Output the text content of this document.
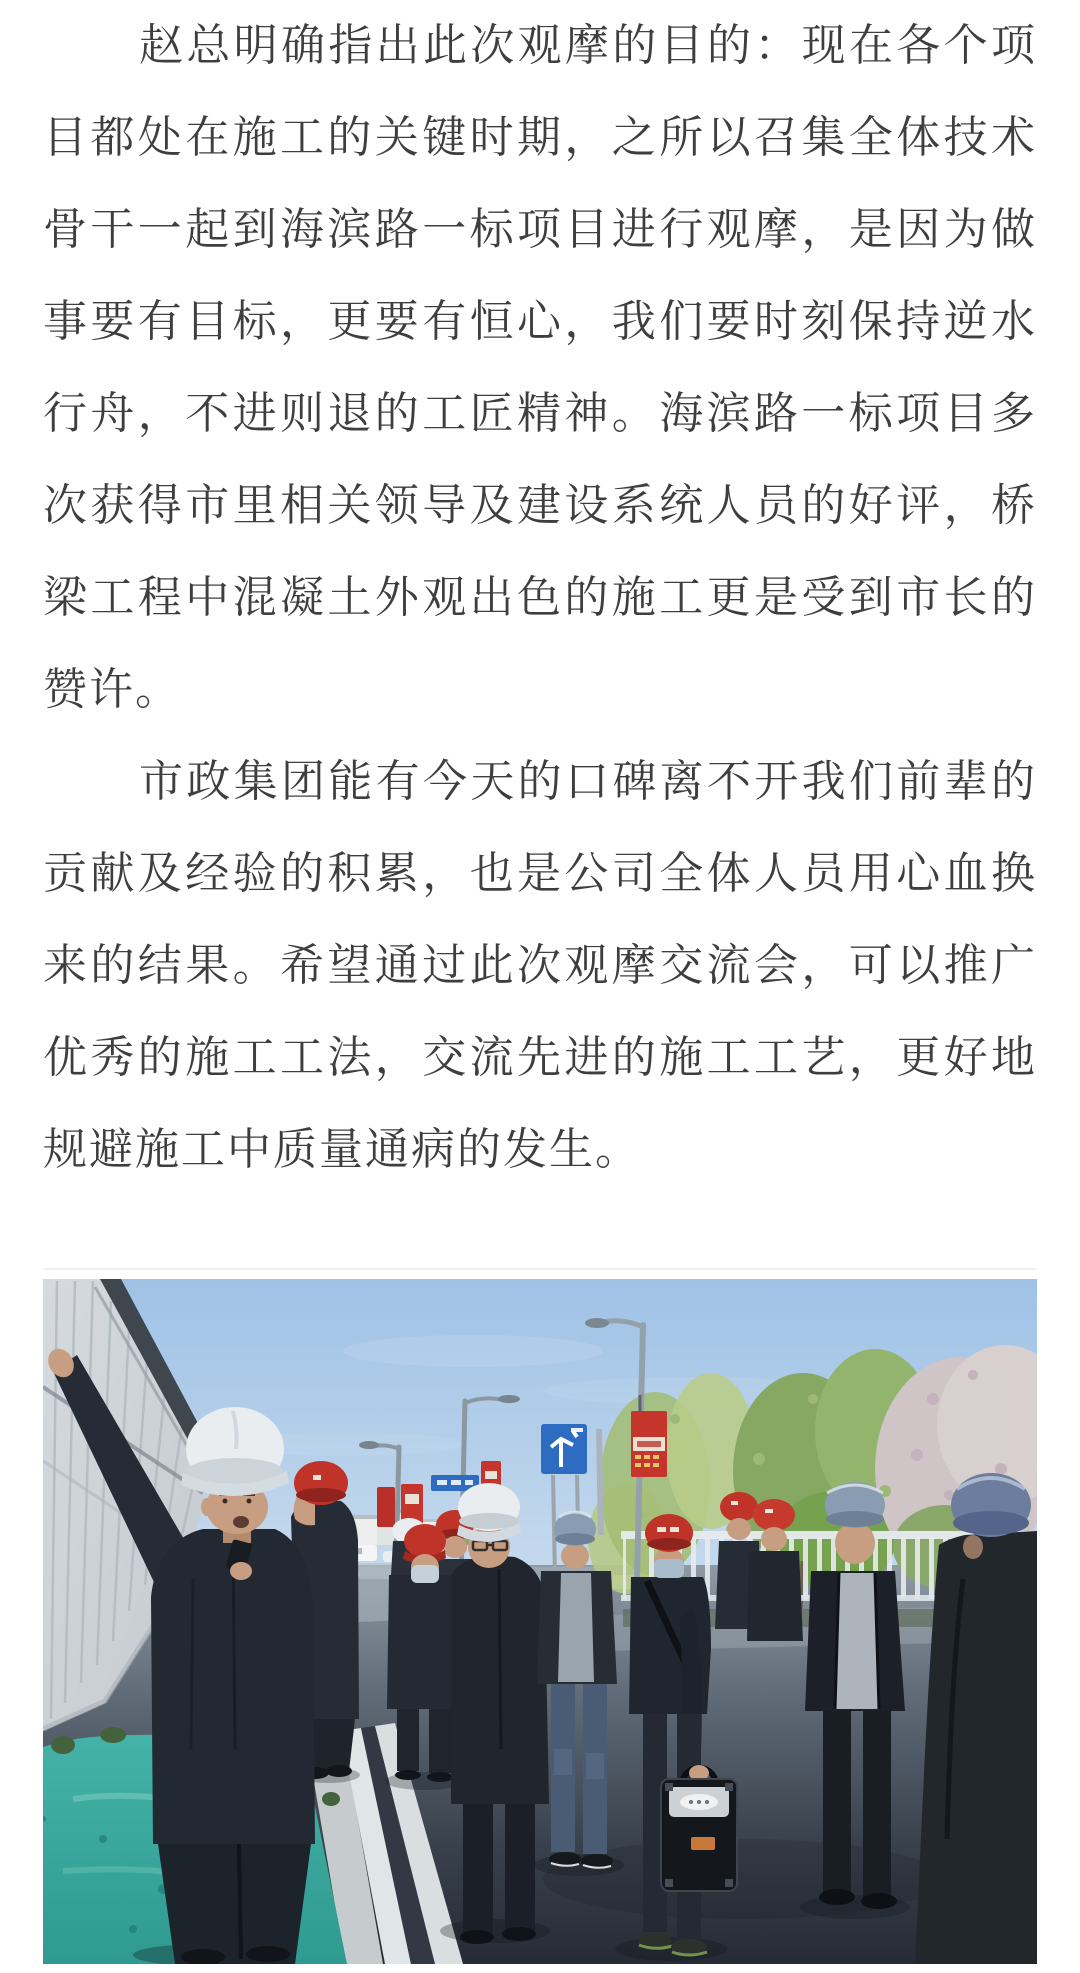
赵总明确指出此次观摩的目的：现在各个项目都处在施工的关键时期，之所以召集全体技术骨干一起到海滨路一标项目进行观摩，是因为做事要有目标，更要有恒心，我们要时刻保持逆水行舟，不进则退的工匠精神。海滨路一标项目多次获得市里相关领导及建设系统人员的好评，桥梁工程中混凝土外观出色的施工更是受到市长的赞许。

市政集团能有今天的口碑离不开我们前辈的贡献及经验的积累，也是公司全体人员用心血换来的结果。希望通过此次观摩交流会，可以推广优秀的施工工法，交流先进的施工工艺，更好地规避施工中质量通病的发生。
